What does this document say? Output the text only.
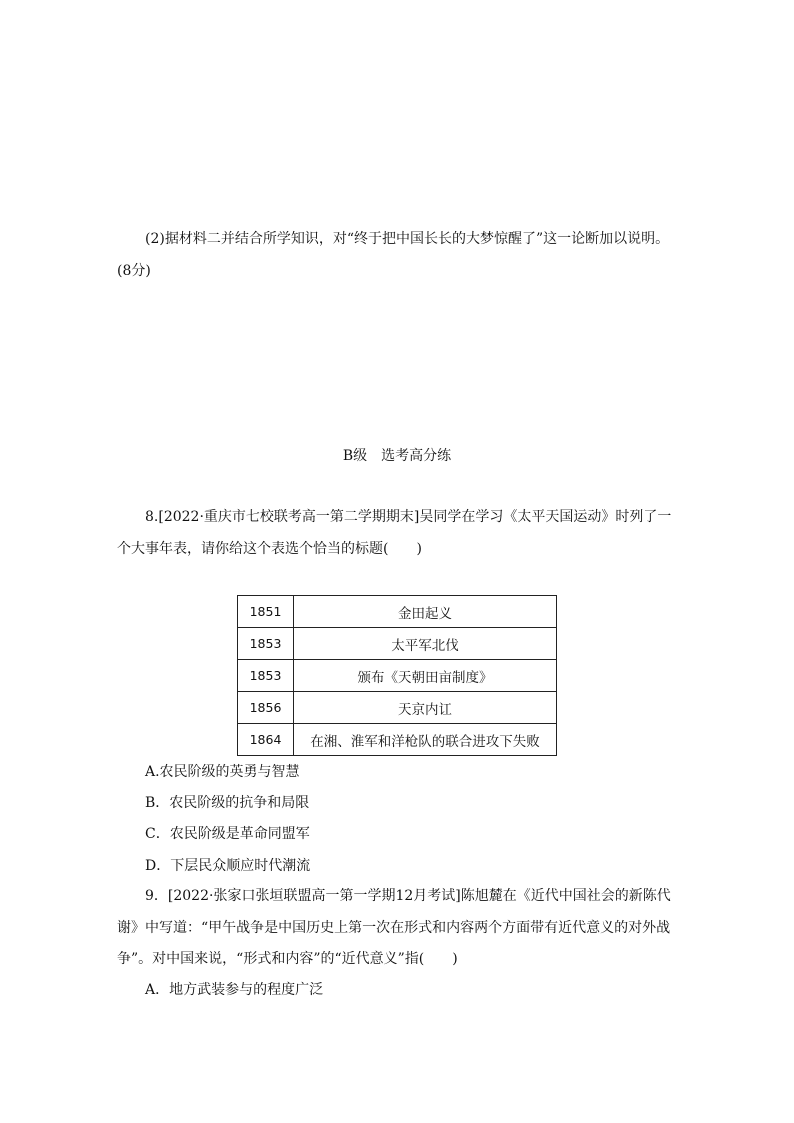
(2)据材料二并结合所学知识，对“终于把中国长长的大梦惊醒了”这一论断加以说明。
(8分)
B级　选考高分练
8.[2022·重庆市七校联考高一第二学期期末]吴同学在学习《太平天国运动》时列了一
个大事年表，请你给这个表选个恰当的标题(　　)
1851	金田起义
1853	太平军北伐
1853	颁布《天朝田亩制度》
1856	天京内讧
1864	在湘、淮军和洋枪队的联合进攻下失败
A.农民阶级的英勇与智慧
B．农民阶级的抗争和局限
C．农民阶级是革命同盟军
D．下层民众顺应时代潮流
9．[2022·张家口张垣联盟高一第一学期12月考试]陈旭麓在《近代中国社会的新陈代
谢》中写道：“甲午战争是中国历史上第一次在形式和内容两个方面带有近代意义的对外战
争”。对中国来说，“形式和内容”的“近代意义”指(　　)
A．地方武装参与的程度广泛
